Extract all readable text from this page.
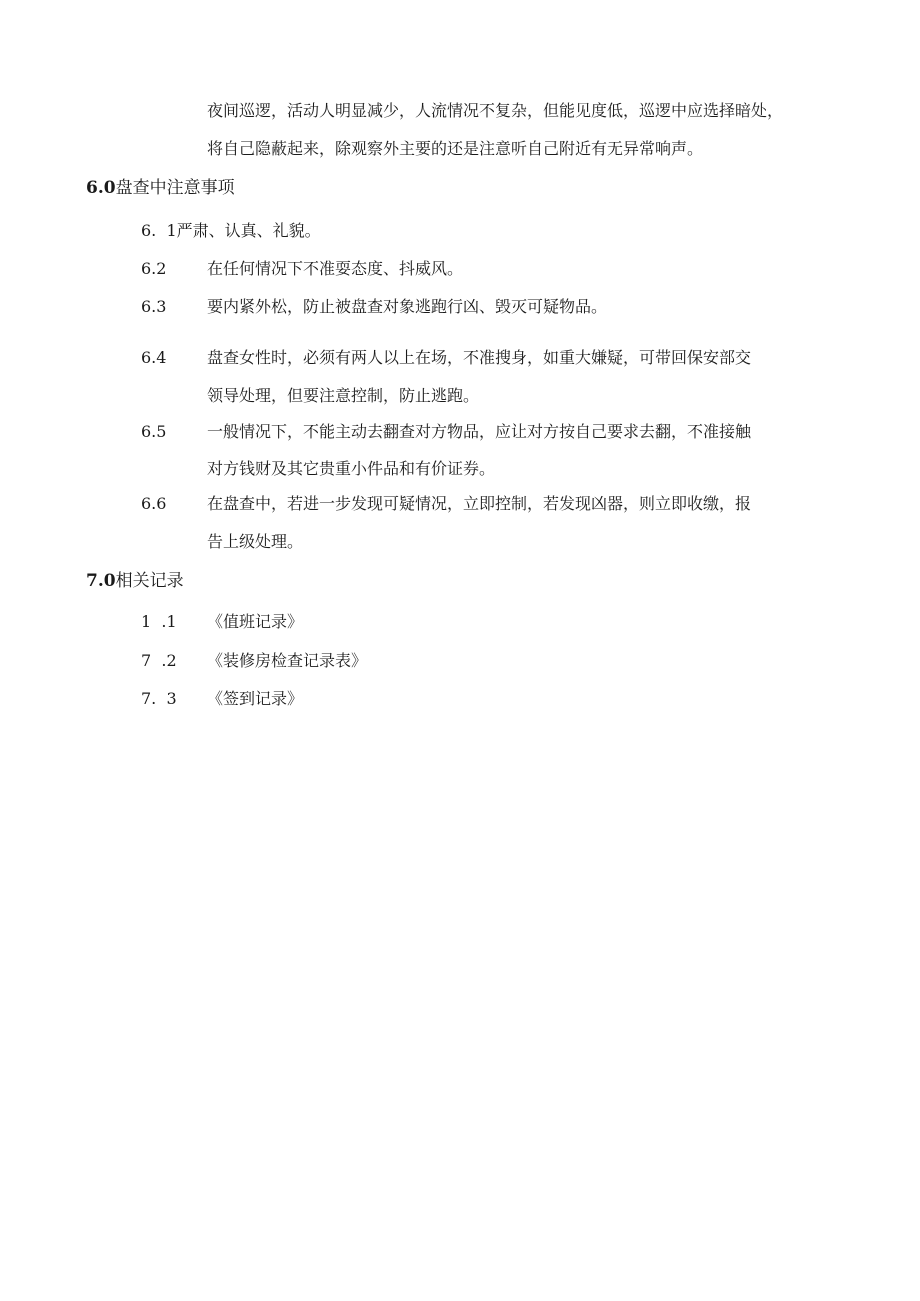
夜间巡逻，活动人明显减少，人流情况不复杂，但能见度低，巡逻中应选择暗处，
将自己隐蔽起来，除观察外主要的还是注意听自己附近有无异常响声。
6.0盘查中注意事项
6.  1严肃、认真、礼貌。
6.2	在任何情况下不准耍态度、抖威风。
6.3	要内紧外松，防止被盘查对象逃跑行凶、毁灭可疑物品。
6.4	盘查女性时，必须有两人以上在场，不准搜身，如重大嫌疑，可带回保安部交
领导处理，但要注意控制，防止逃跑。
6.5	一般情况下，不能主动去翻查对方物品，应让对方按自己要求去翻，不准接触
对方钱财及其它贵重小件品和有价证券。
6.6	在盘查中，若进一步发现可疑情况，立即控制，若发现凶器，则立即收缴，报
告上级处理。
7.0相关记录
1  .1 《值班记录》
7  .2 《装修房检查记录表》
7.  3 《签到记录》
